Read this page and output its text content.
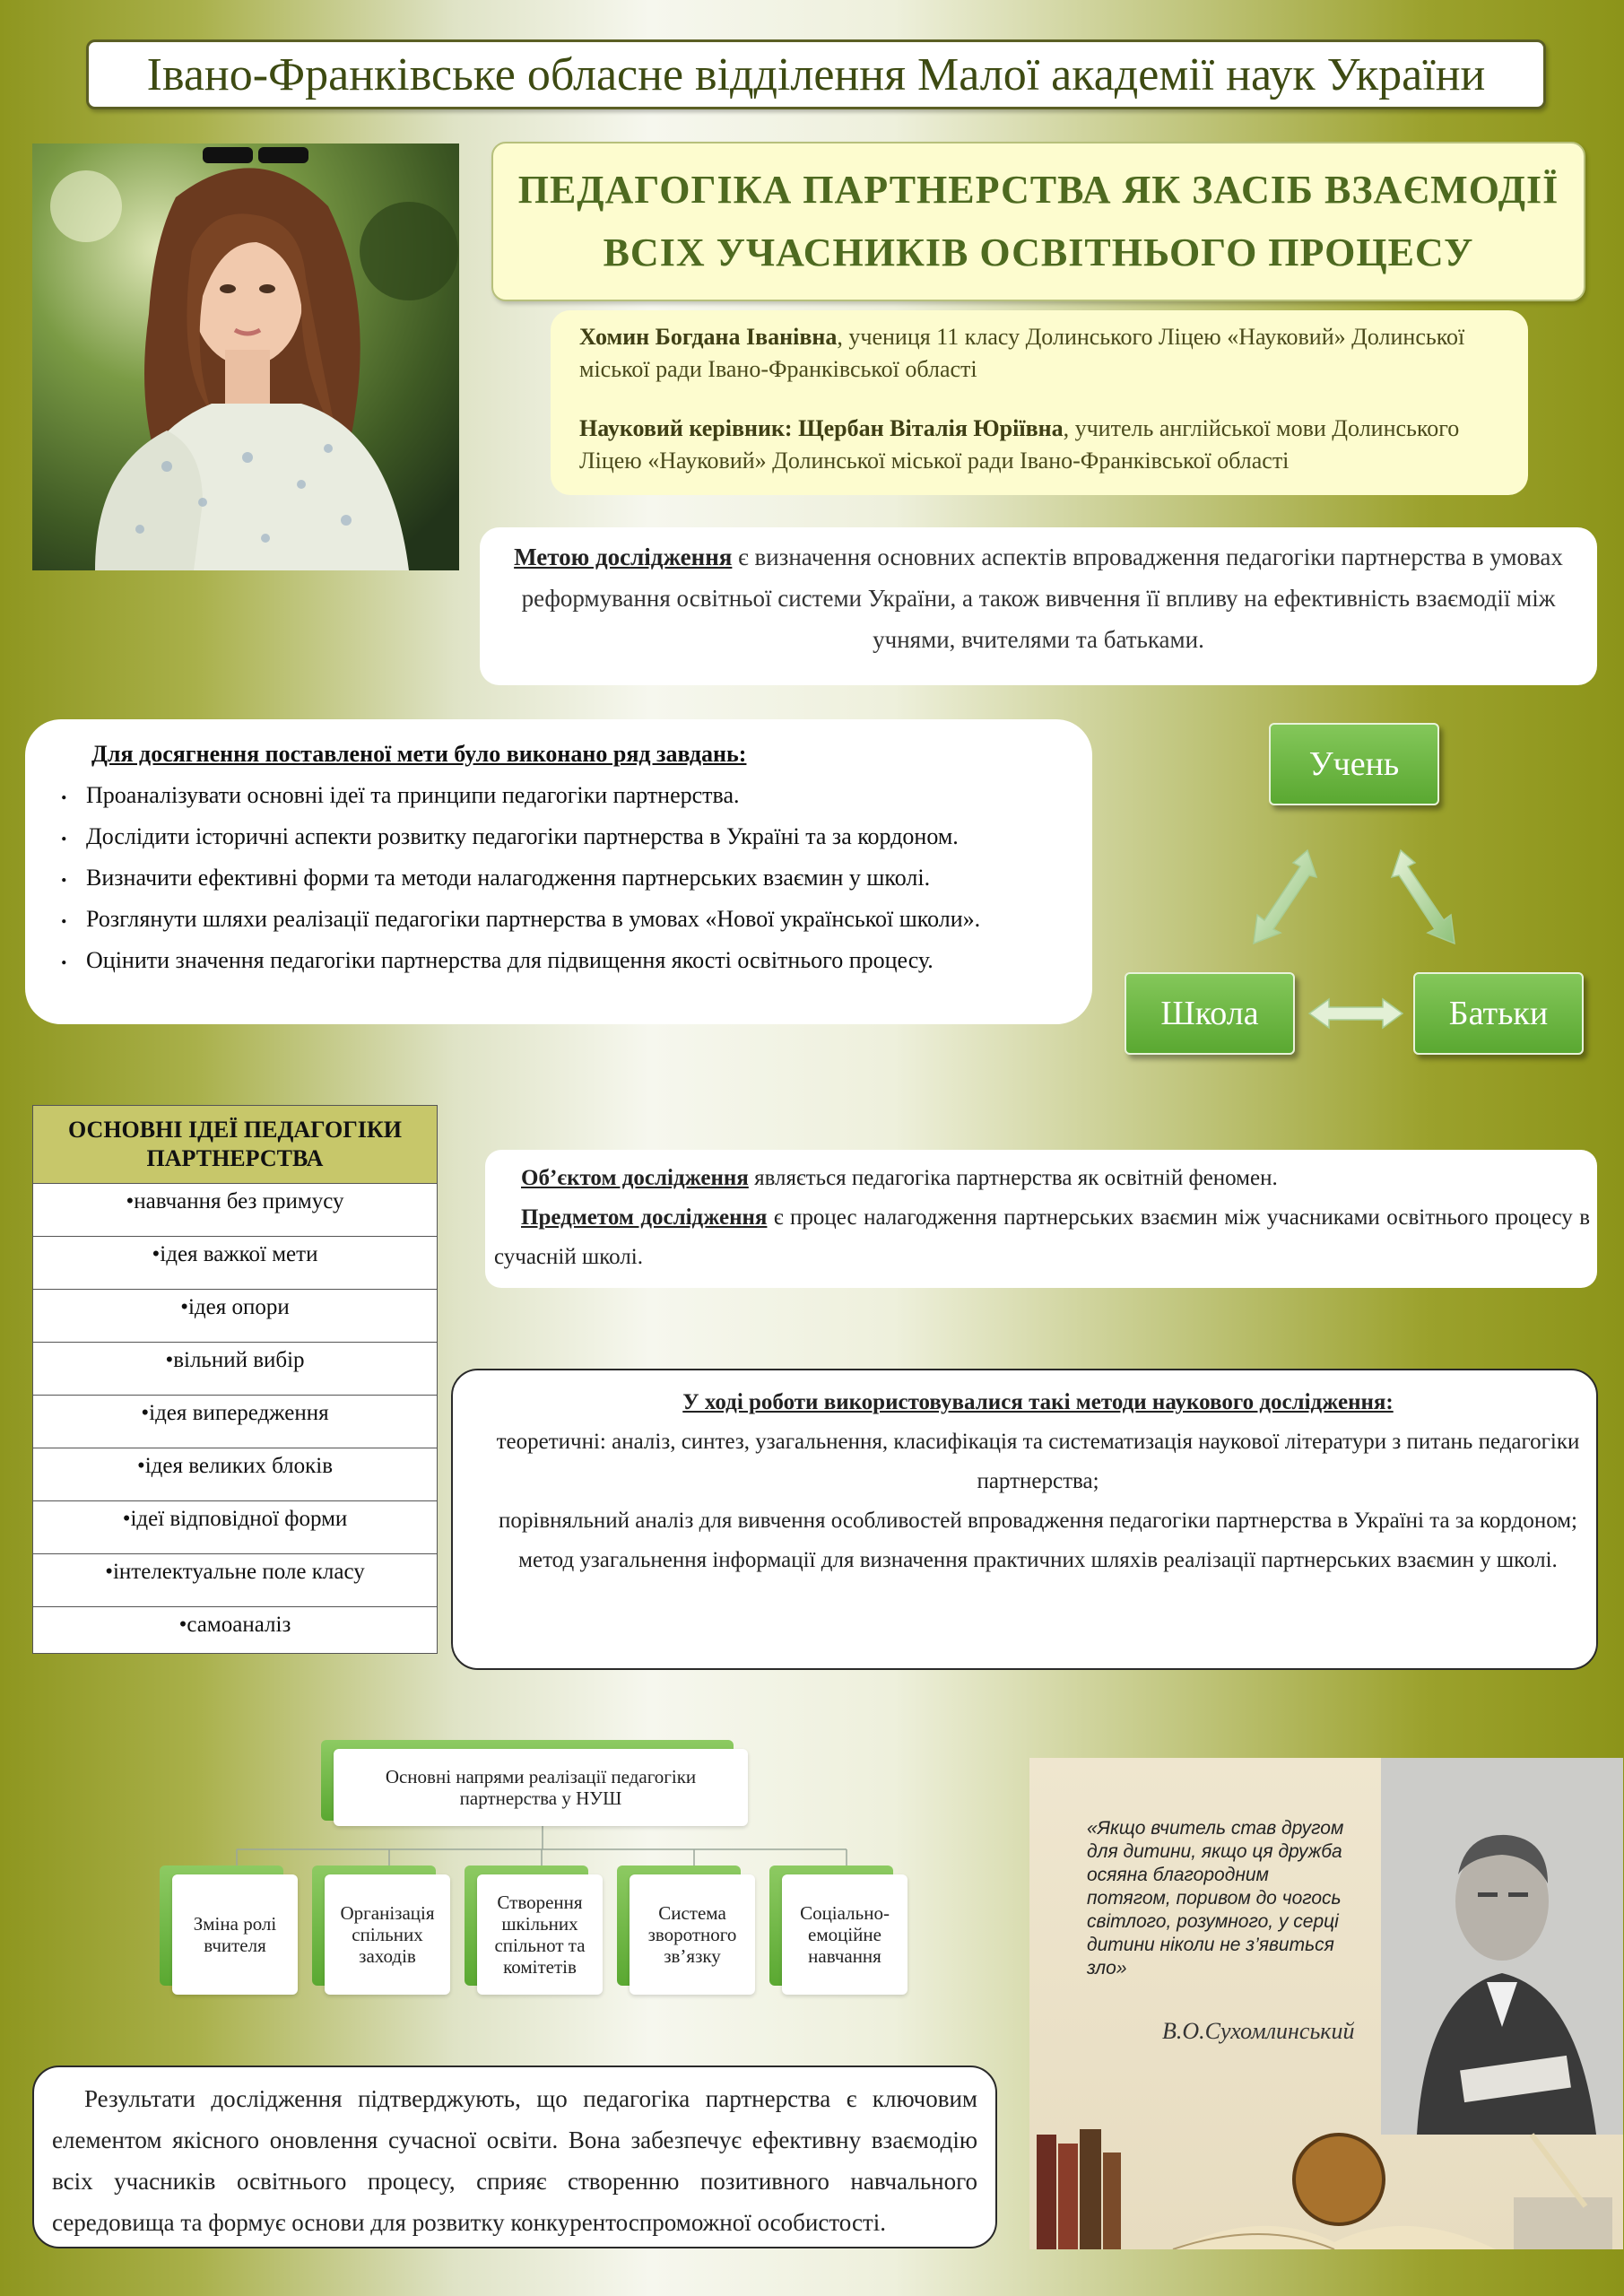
Івано-Франківське обласне відділення Малої академії наук України
ПЕДАГОГІКА ПАРТНЕРСТВА ЯК ЗАСІБ ВЗАЄМОДІЇ
ВСІХ УЧАСНИКІВ ОСВІТНЬОГО ПРОЦЕСУ

Хомин Богдана Іванівна, учениця 11 класу Долинського Ліцею «Науковий» Долинської міської ради Івано-Франківської області

Науковий керівник: Щербан Віталія Юріївна, учитель англійської мови Долинського Ліцею «Науковий» Долинської міської ради Івано-Франківської області

Метою дослідження є визначення основних аспектів впровадження педагогіки партнерства в умовах реформування освітньої системи України, а також вивчення її впливу на ефективність взаємодії між учнями, вчителями та батьками.
Для досягнення поставленої мети було виконано ряд завдань:
. Проаналізувати основні ідеї та принципи педагогіки партнерства.
. Дослідити історичні аспекти розвитку педагогіки партнерства в Україні та за кордоном.
. Визначити ефективні форми та методи налагодження партнерських взаємин у школі.
. Розглянути шляхи реалізації педагогіки партнерства в умовах «Нової української школи».
. Оцінити значення педагогіки партнерства для підвищення якості освітнього процесу.
Учень
Школа	Батьки
ОСНОВНІ ІДЕЇ ПЕДАГОГІКИ ПАРТНЕРСТВА
•навчання без примусу
•ідея важкої мети
•ідея опори
•вільний вибір
•ідея випередження
•ідея великих блоків
•ідеї відповідної форми
•інтелектуальне поле класу
•самоаналіз

Об’єктом дослідження являється педагогіка партнерства як освітній феномен.

Предметом дослідження є процес налагодження партнерських взаємин між учасниками освітнього процесу в сучасній школі.

У ході роботи використовувалися такі методи наукового дослідження:
теоретичні: аналіз, синтез, узагальнення, класифікація та систематизація наукової літератури з питань педагогіки партнерства;
порівняльний аналіз для вивчення особливостей впровадження педагогіки партнерства в Україні та за кордоном;
метод узагальнення інформації для визначення практичних шляхів реалізації партнерських взаємин у школі.
Основні напрями реалізації педагогіки партнерства у НУШ
Зміна ролі вчителя
Організація спільних заходів
Створення шкільних спільнот та комітетів
Система зворотного зв’язку
Соціально-емоційне навчання
«Якщо вчитель став другом для дитини, якщо ця дружба осяяна благородним потягом, поривом до чогось світлого, розумного, у серці дитини ніколи не з’явиться зло»
В.О.Сухомлинський
Результати дослідження підтверджують, що педагогіка партнерства є ключовим елементом якісного оновлення сучасної освіти. Вона забезпечує ефективну взаємодію всіх учасників освітнього процесу, сприяє створенню позитивного навчального середовища та формує основи для розвитку конкурентоспроможної особистості.
